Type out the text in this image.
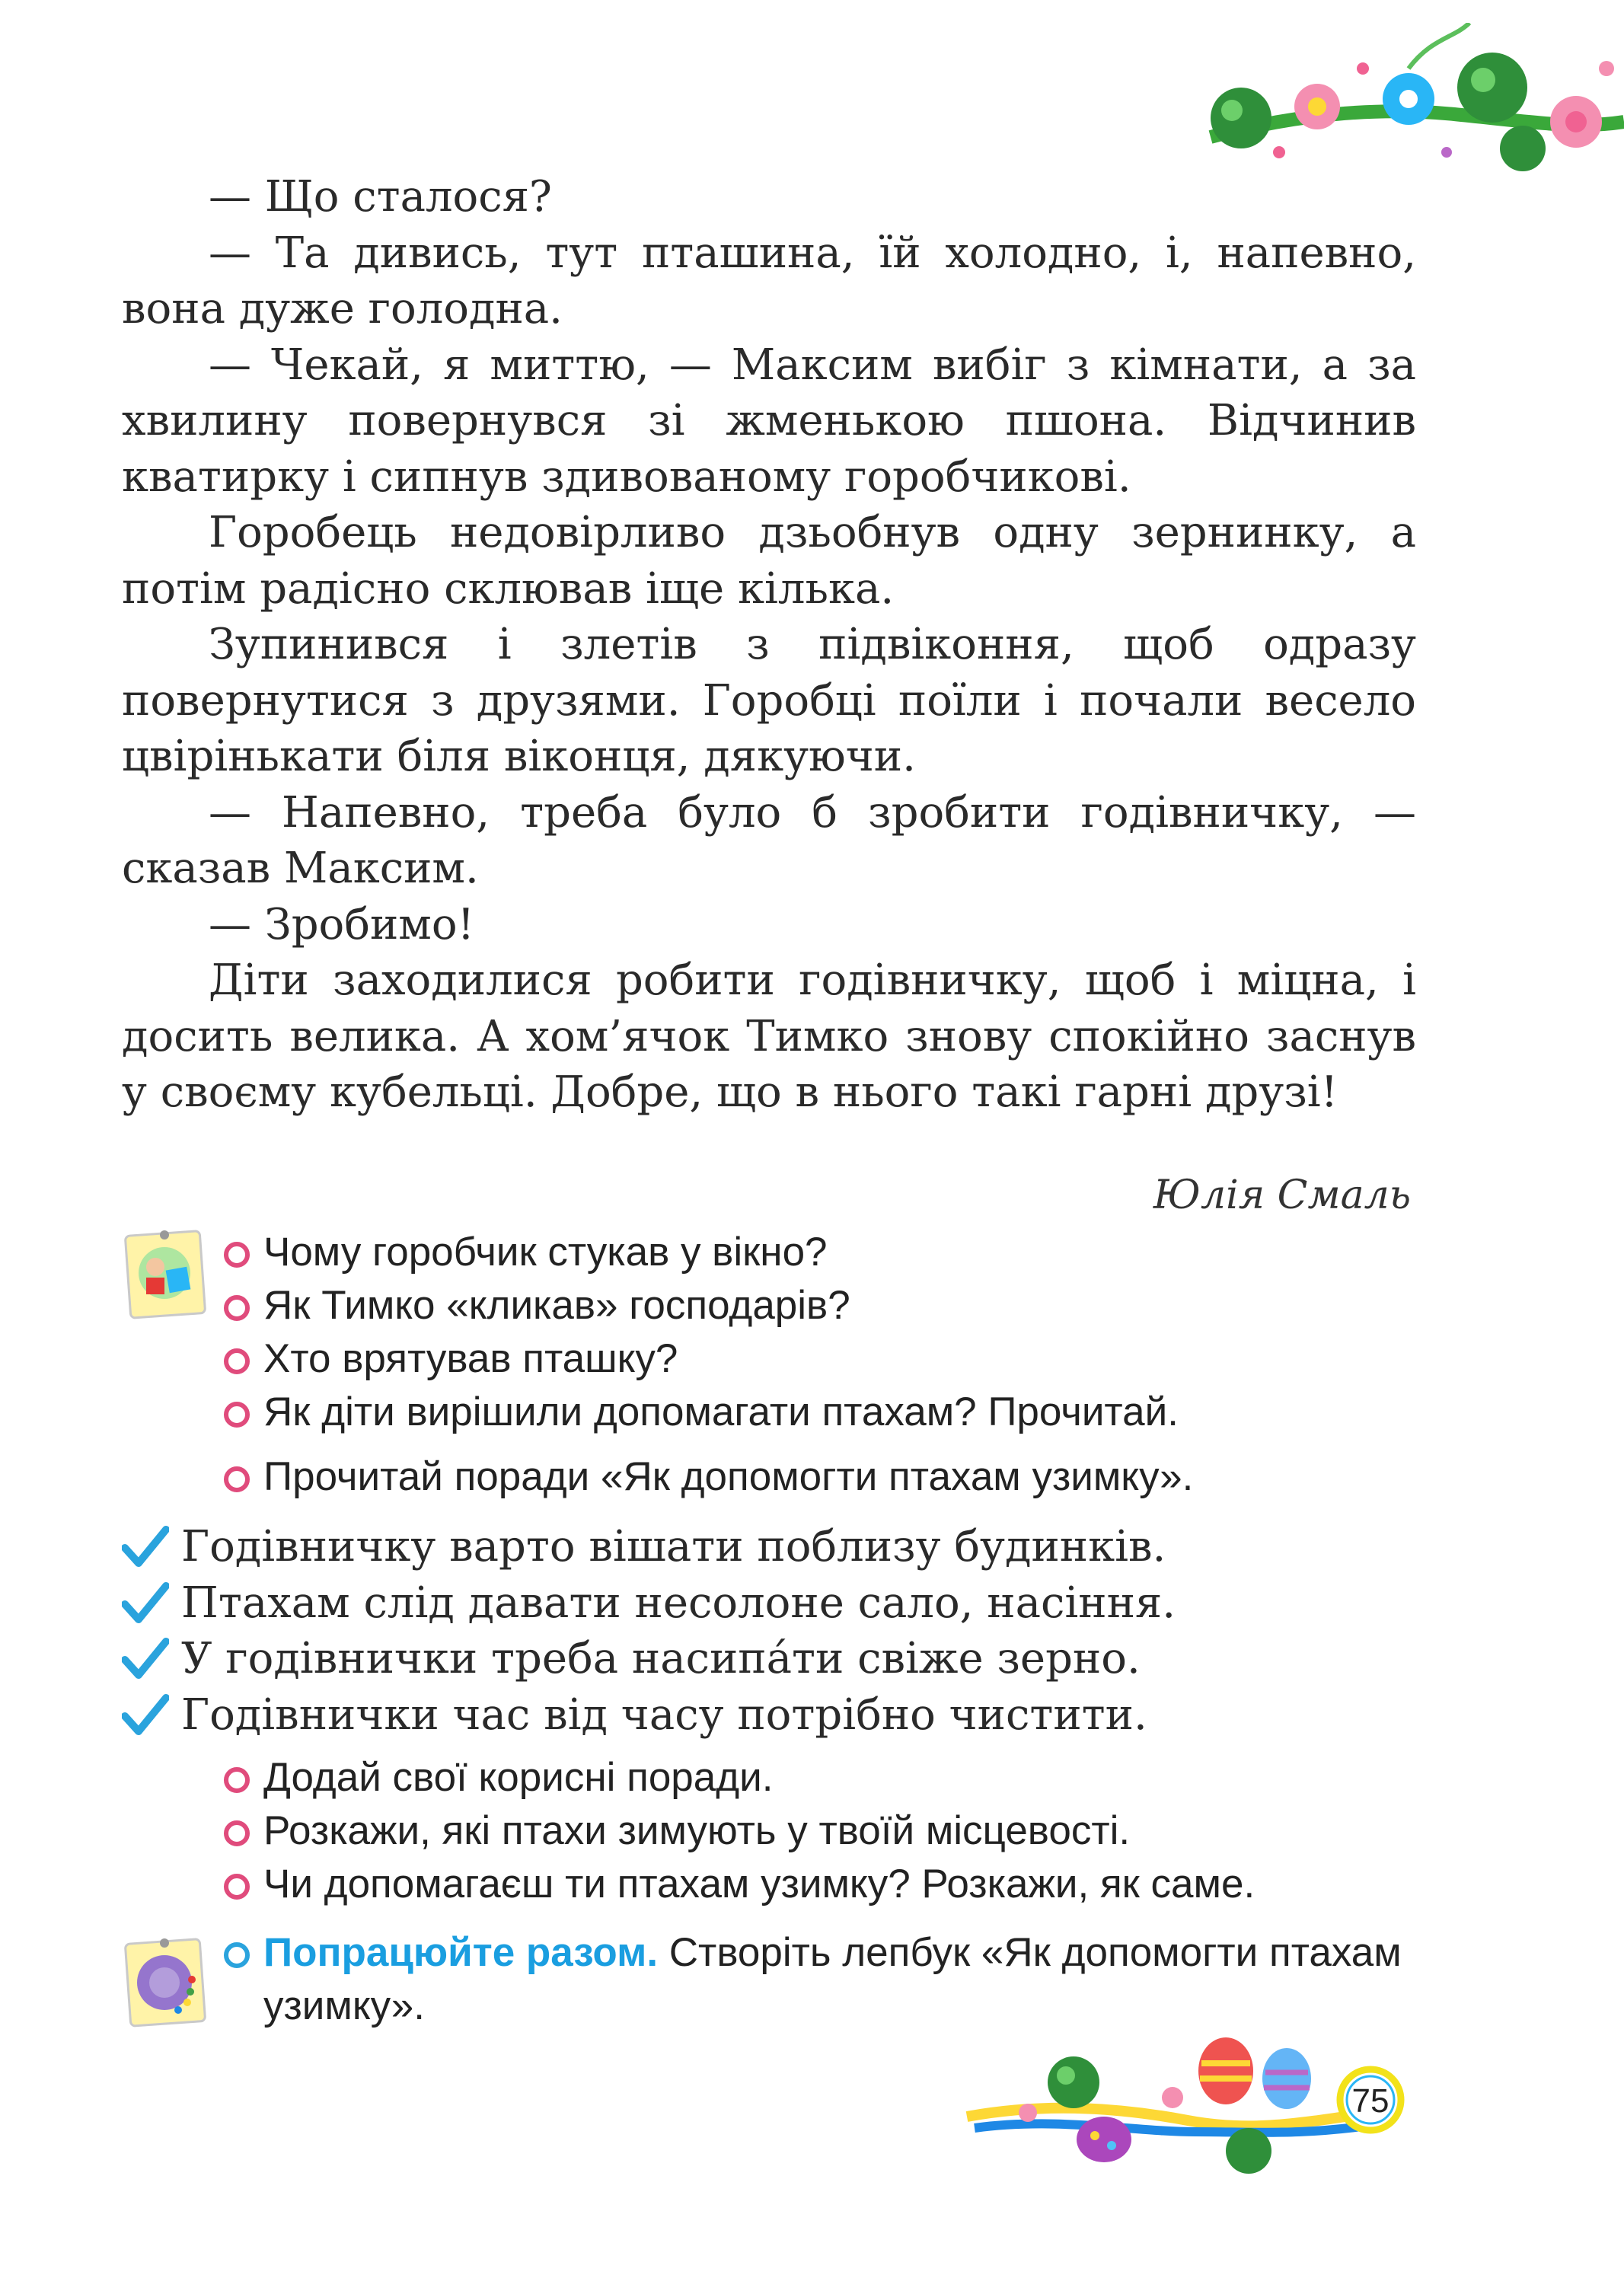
— Що сталося?

— Та дивись, тут пташина, їй холодно, і, напевно, вона дуже голодна.

— Чекай, я миттю, — Максим вибіг з кімнати, а за хвилину повернувся зі жменькою пшона. Відчинив кватирку і сипнув здивованому горобчикові.

Горобець недовірливо дзьобнув одну зернинку, а потім радісно склював іще кілька.

Зупинився і злетів з підвіконня, щоб одразу повернутися з друзями. Горобці поїли і почали весело цвірінькати біля віконця, дякуючи.

— Напевно, треба було б зробити годівничку, — сказав Максим.

— Зробимо!

Діти заходилися робити годівничку, щоб і міцна, і досить велика. А хом’ячок Тимко знову спокійно заснув у своєму кубельці. Добре, що в нього такі гарні друзі!

Юлія Смаль
Чому горобчик стукав у вікно?
Як Тимко «кликав» господарів?
Хто врятував пташку?
Як діти вирішили допомагати птахам? Прочитай.
Прочитай поради «Як допомогти птахам узимку».
Годівничку варто вішати поблизу будинків.
Птахам слід давати несолоне сало, насіння.
У годівнички треба насипа́ти свіже зерно.
Годівнички час від часу потрібно чистити.
Додай свої корисні поради.
Розкажи, які птахи зимують у твоїй місцевості.
Чи допомагаєш ти птахам узимку? Розкажи, як саме.
Попрацюйте разом. Створіть лепбук «Як допомогти птахам узимку».
75
